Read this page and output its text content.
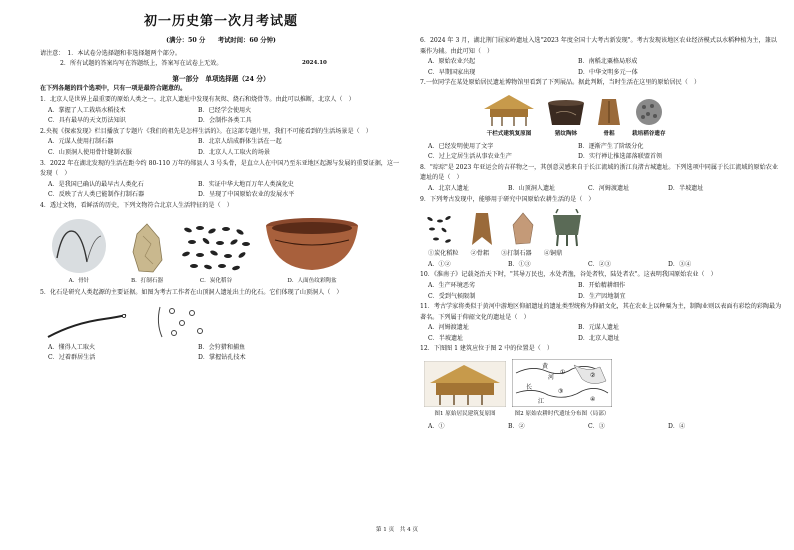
初一历史第一次月考试题
(满分：50 分　　考试时间：60 分钟)
请注意：　1．本试卷分选择题和非选择题两个部分。
2．所有试题的答案均写在答题纸上，答案写在试卷上无效。
第一部分　单项选择题（24 分）
在下列各题的四个选项中，只有一项是最符合题意的。
1．北京人是世界上最重要的原始人类之一。北京人遗址中发现有灰烬、烧石和烧骨等。由此可以推断，北京人（　）
A．掌握了人工栽培水稻技术	B．已经学会使用火
C．具有最早的天文历法知识	D．会制作各类工具
2.央视《探索发现》栏目播放了专题片《我们的祖先是怎样生活的》。在这部专题片里，我们不可能看到的生活场景是（　）
A．元谋人使用打制石器	B．北京人结成群体生活在一起
C．山顶洞人使用骨针缝制衣服	D．北京人人工取火的场景
3．2022 年在湖北发现的生活在距今约 80-110 万年的郧县人 3 号头骨，是直立人在中国乃至东亚地区起源与发展的重要证据，这一发现（　）
A．是我国已确认的最早古人类化石	B．实证中华大地百万年人类演化史
C．反映了古人类已能制作打制石器	D．呈现了中国原始农业的发展水平
4．透过文物，看鲜活的历史，下列文物符合北京人生活特征的是（　）
A．骨针	B．打制石器	C．炭化稻谷	D．人面鱼纹彩陶盆
5．化石是研究人类起源的主要证据。如图为考古工作者在山顶洞人遗址出土的化石。它们体现了山顶洞人（　）
A．懂得人工取火	B．会狩猎和捕鱼
C．过着群居生活	D．掌握钻孔技术
2024.10
6．2024 年 3 月，湖北荆门屈家岭遗址入选"2023 年度全国十大考古新发现"。考古发现该地区农业经济模式以水稻种植为主，兼以粟作为辅。由此可知（　）
A．原始农业兴起	B．南稻北粟格局形成
C．早期国家出现	D．中华文明多元一体
7.一位同学在某处原始居民遗址博物馆里看到了下列展品。据此判断，当时生活在这里的原始居民（　）
干栏式建筑复原图	猪纹陶钵	骨耜	栽培稻谷遗存
A．已经发明使用了文字	B．逐渐产生了阶级分化
C．过上定居生活从事农业生产	D．实行禅让推选部落联盟首领
8．"琮琮"是 2023 年亚运会的吉祥物之一，其创意灵感来自于长江流域的浙江良渚古城遗址。下列选项中同属于长江流域的原始农业遗址的是（　）
A．北京人遗址	B．山顶洞人遗址	C．河姆渡遗址	D．半坡遗址
9．下列考古发现中，能够用于研究中国原始农耕生活的是（　）
①炭化稻粒　　②骨耜　　③打制石器　　④铜鼎
A．①②	B．①③	C．②③	D．③④
10．《淮南子》记载尧治天下时，"其导万民也，水处者渔，谷处者牧，陆处者农"。这表明我国原始农业（　）
A．生产环境恶劣	B．开始精耕细作
C．受到气候限制	D．生产因地制宜
11．考古学家将类似于黄河中游地区仰韶遗址的遗址类型统称为仰韶文化，其在农业上以种粟为主，制陶业则以表面有彩绘的彩陶最为著名。下列属于仰韶文化的遗址是（　）
A．河姆渡遗址	B．元谋人遗址
C．半坡遗址	D．北京人遗址
12．下图图 1 建筑应位于图 2 中的位置是（　）
图1 原始居民建筑复原图
黄
河
长
江
①	②
③
④
图2 原始农耕时代遗址分布图（局部）
A．①	B．②	C．③	D．④
第 1 页　共 4 页
